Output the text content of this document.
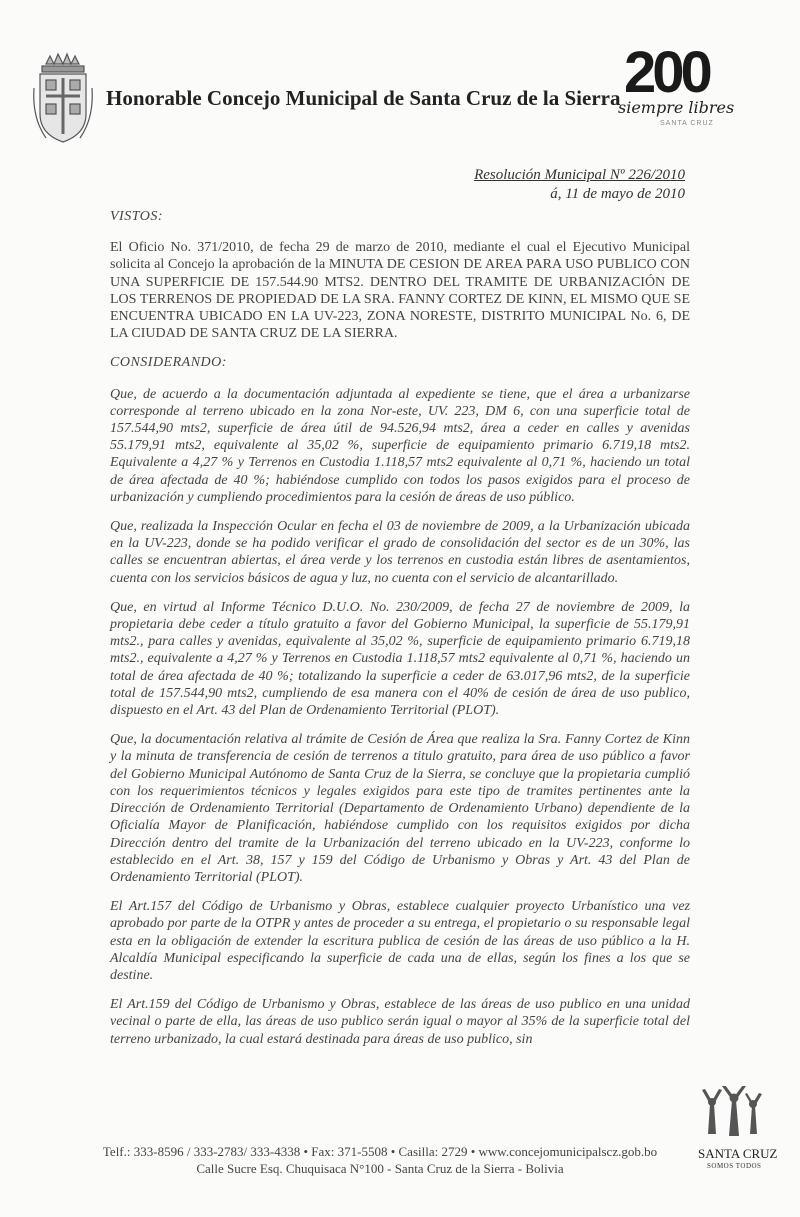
Honorable Concejo Municipal de Santa Cruz de la Sierra 200
siempre libres
SANTA CRUZ
Resolución Municipal Nº 226/2010
á, 11 de mayo de 2010
VISTOS:

El Oficio No. 371/2010, de fecha 29 de marzo de 2010, mediante el cual el Ejecutivo Municipal solicita al Concejo la aprobación de la MINUTA DE CESION DE AREA PARA USO PUBLICO CON UNA SUPERFICIE DE 157.544.90 MTS2. DENTRO DEL TRAMITE DE URBANIZACIÓN DE LOS TERRENOS DE PROPIEDAD DE LA SRA. FANNY CORTEZ DE KINN, EL MISMO QUE SE ENCUENTRA UBICADO EN LA UV-223, ZONA NORESTE, DISTRITO MUNICIPAL No. 6, DE LA CIUDAD DE SANTA CRUZ DE LA SIERRA.

CONSIDERANDO:

Que, de acuerdo a la documentación adjuntada al expediente se tiene, que el área a urbanizarse corresponde al terreno ubicado en la zona Nor-este, UV. 223, DM 6, con una superficie total de 157.544,90 mts2, superficie de área útil de 94.526,94 mts2, área a ceder en calles y avenidas 55.179,91 mts2, equivalente al 35,02 %, superficie de equipamiento primario 6.719,18 mts2. Equivalente a 4,27 % y Terrenos en Custodia 1.118,57 mts2 equivalente al 0,71 %, haciendo un total de área afectada de 40 %; habiéndose cumplido con todos los pasos exigidos para el proceso de urbanización y cumpliendo procedimientos para la cesión de áreas de uso público.

Que, realizada la Inspección Ocular en fecha el 03 de noviembre de 2009, a la Urbanización ubicada en la UV-223, donde se ha podido verificar el grado de consolidación del sector es de un 30%, las calles se encuentran abiertas, el área verde y los terrenos en custodia están libres de asentamientos, cuenta con los servicios básicos de agua y luz, no cuenta con el servicio de alcantarillado.

Que, en virtud al Informe Técnico D.U.O. No. 230/2009, de fecha 27 de noviembre de 2009, la propietaria debe ceder a título gratuito a favor del Gobierno Municipal, la superficie de 55.179,91 mts2., para calles y avenidas, equivalente al 35,02 %, superficie de equipamiento primario 6.719,18 mts2., equivalente a 4,27 % y Terrenos en Custodia 1.118,57 mts2 equivalente al 0,71 %, haciendo un total de área afectada de 40 %; totalizando la superficie a ceder de 63.017,96 mts2, de la superficie total de 157.544,90 mts2, cumpliendo de esa manera con el 40% de cesión de área de uso publico, dispuesto en el Art. 43 del Plan de Ordenamiento Territorial (PLOT).

Que, la documentación relativa al trámite de Cesión de Área que realiza la Sra. Fanny Cortez de Kinn y la minuta de transferencia de cesión de terrenos a titulo gratuito, para área de uso público a favor del Gobierno Municipal Autónomo de Santa Cruz de la Sierra, se concluye que la propietaria cumplió con los requerimientos técnicos y legales exigidos para este tipo de tramites pertinentes ante la Dirección de Ordenamiento Territorial (Departamento de Ordenamiento Urbano) dependiente de la Oficialía Mayor de Planificación, habiéndose cumplido con los requisitos exigidos por dicha Dirección dentro del tramite de la Urbanización del terreno ubicado en la UV-223, conforme lo establecido en el Art. 38, 157 y 159 del Código de Urbanismo y Obras y Art. 43 del Plan de Ordenamiento Territorial (PLOT).

El Art.157 del Código de Urbanismo y Obras, establece cualquier proyecto Urbanístico una vez aprobado por parte de la OTPR y antes de proceder a su entrega, el propietario o su responsable legal esta en la obligación de extender la escritura publica de cesión de las áreas de uso público a la H. Alcaldía Municipal especificando la superficie de cada una de ellas, según los fines a los que se destine.

El Art.159 del Código de Urbanismo y Obras, establece de las áreas de uso publico en una unidad vecinal o parte de ella, las áreas de uso publico serán igual o mayor al 35% de la superficie total del terreno urbanizado, la cual estará destinada para áreas de uso publico, sin

SANTA CRUZ
SOMOS TODOS
Telf.: 333-8596 / 333-2783/ 333-4338 • Fax: 371-5508 • Casilla: 2729 • www.concejomunicipalscz.gob.bo
Calle Sucre Esq. Chuquisaca N°100 - Santa Cruz de la Sierra - Bolivia
